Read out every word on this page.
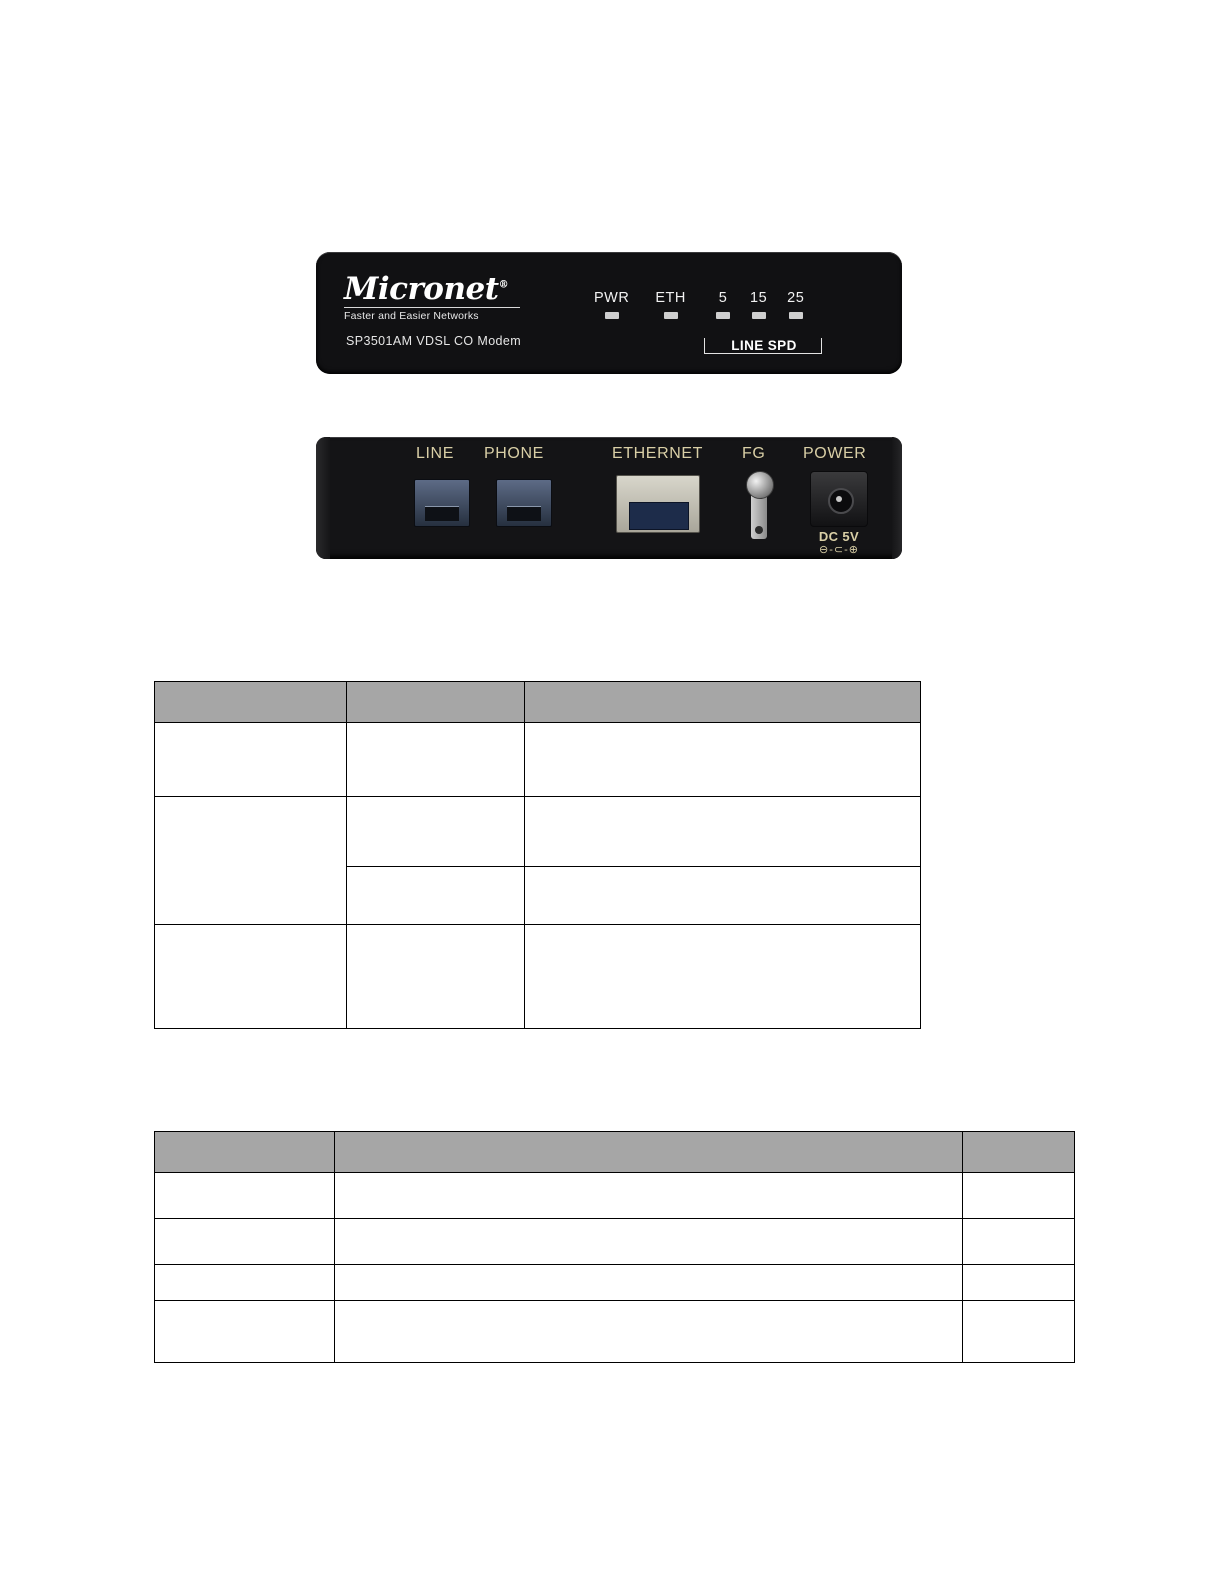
Micronet®
Faster and Easier Networks
SP3501AM VDSL CO Modem
PWR ETH 5 15 25
LINE SPD
LINE PHONE	ETHERNET FG POWER
DC 5V
⊖-⊂-⊕
